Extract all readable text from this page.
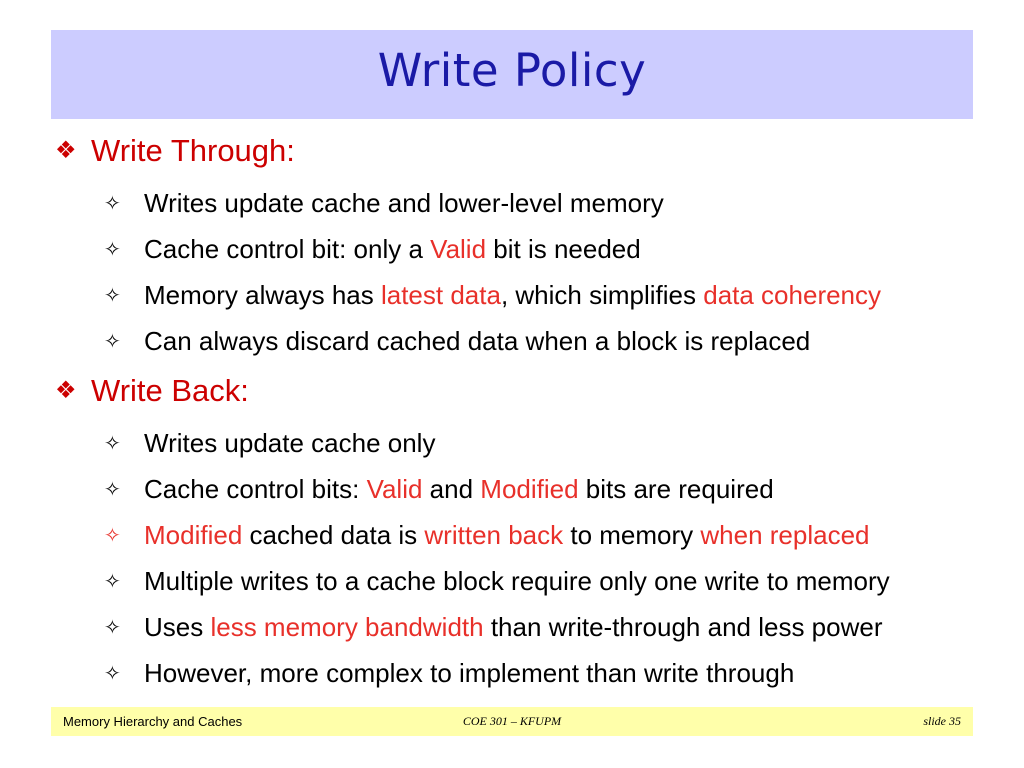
Write Policy
❖ Write Through:
✧ Writes update cache and lower-level memory
✧ Cache control bit: only a Valid bit is needed
✧ Memory always has latest data, which simplifies data coherency
✧ Can always discard cached data when a block is replaced
❖ Write Back:
✧ Writes update cache only
✧ Cache control bits: Valid and Modified bits are required
✧ Modified cached data is written back to memory when replaced
✧ Multiple writes to a cache block require only one write to memory
✧ Uses less memory bandwidth than write-through and less power
✧ However, more complex to implement than write through
Memory Hierarchy and Caches	COE 301 – KFUPM	slide 35
